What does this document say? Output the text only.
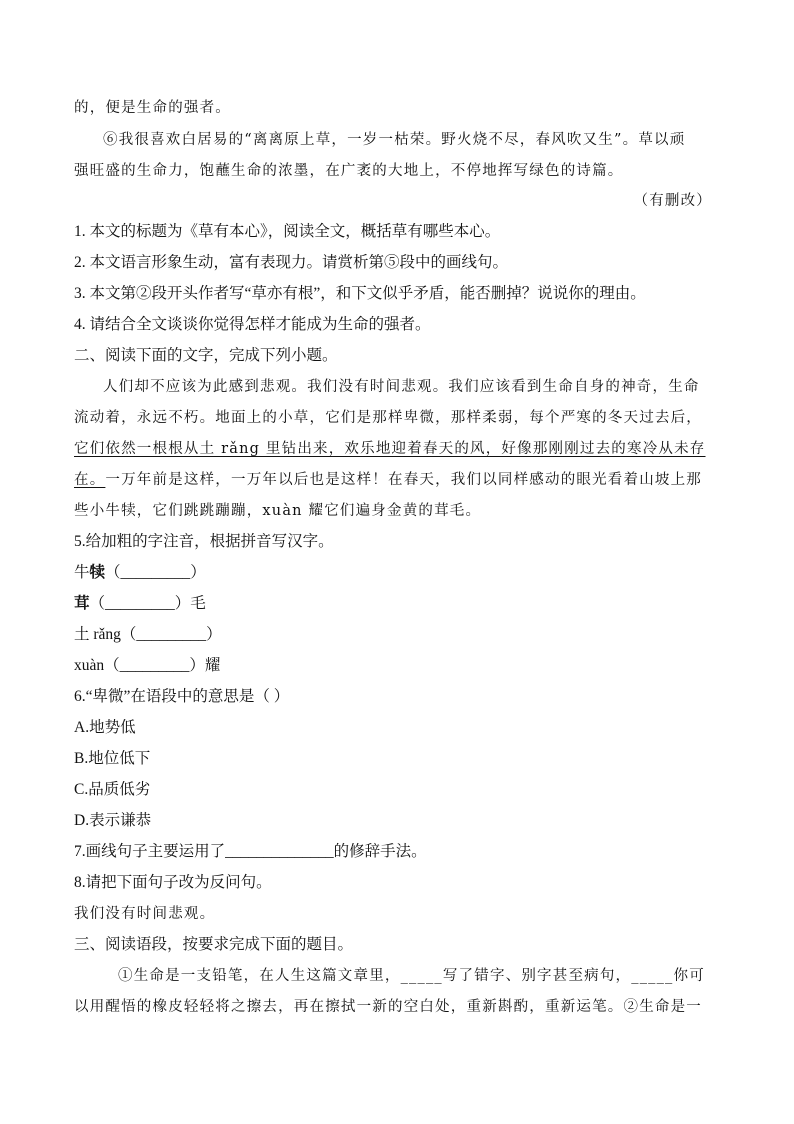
的，便是生命的强者。
⑥我很喜欢白居易的“离离原上草，一岁一枯荣。野火烧不尽，春风吹又生”。草以顽
强旺盛的生命力，饱蘸生命的浓墨，在广袤的大地上，不停地挥写绿色的诗篇。
（有删改）
1. 本文的标题为《草有本心》，阅读全文，概括草有哪些本心。
2. 本文语言形象生动，富有表现力。请赏析第⑤段中的画线句。
3. 本文第②段开头作者写“草亦有根”，和下文似乎矛盾，能否删掉？说说你的理由。
4. 请结合全文谈谈你觉得怎样才能成为生命的强者。
二、阅读下面的文字，完成下列小题。
人们却不应该为此感到悲观。我们没有时间悲观。我们应该看到生命自身的神奇，生命
流动着，永远不朽。地面上的小草，它们是那样卑微，那样柔弱，每个严寒的冬天过去后，
它们依然一根根从土 rǎng 里钻出来，欢乐地迎着春天的风，好像那刚刚过去的寒冷从未存
在。一万年前是这样，一万年以后也是这样！在春天，我们以同样感动的眼光看着山坡上那
些小牛犊，它们跳跳蹦蹦，xuàn 耀它们遍身金黄的茸毛。
5.给加粗的字注音，根据拼音写汉字。
牛犊（_________）
茸（_________）毛
土 rǎng（_________）
xuàn（_________）耀
6.“卑微”在语段中的意思是（ ）
A.地势低
B.地位低下
C.品质低劣
D.表示谦恭
7.画线句子主要运用了______________的修辞手法。
8.请把下面句子改为反问句。
我们没有时间悲观。
三、阅读语段，按要求完成下面的题目。
①生命是一支铅笔，在人生这篇文章里，_____写了错字、别字甚至病句，_____你可
以用醒悟的橡皮轻轻将之擦去，再在擦拭一新的空白处，重新斟酌，重新运笔。②生命是一
